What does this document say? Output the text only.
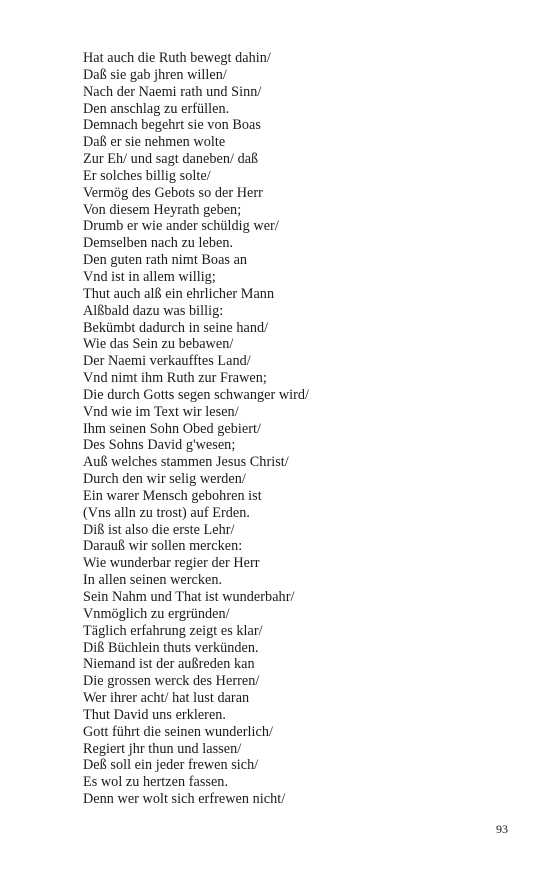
Hat auch die Ruth bewegt dahin/
Daß sie gab jhren willen/
Nach der Naemi rath und Sinn/
Den anschlag zu erfüllen.
Demnach begehrt sie von Boas
Daß er sie nehmen wolte
Zur Eh/ und sagt daneben/ daß
Er solches billig solte/
Vermög des Gebots so der Herr
Von diesem Heyrath geben;
Drumb er wie ander schüldig wer/
Demselben nach zu leben.
Den guten rath nimt Boas an
Vnd ist in allem willig;
Thut auch alß ein ehrlicher Mann
Alßbald dazu was billig:
Bekümbt dadurch in seine hand/
Wie das Sein zu bebawen/
Der Naemi verkaufftes Land/
Vnd nimt ihm Ruth zur Frawen;
Die durch Gotts segen schwanger wird/
Vnd wie im Text wir lesen/
Ihm seinen Sohn Obed gebiert/
Des Sohns David g'wesen;
Auß welches stammen Jesus Christ/
Durch den wir selig werden/
Ein warer Mensch gebohren ist
(Vns alln zu trost) auf Erden.
Diß ist also die erste Lehr/
Darauß wir sollen mercken:
Wie wunderbar regier der Herr
In allen seinen wercken.
Sein Nahm und That ist wunderbahr/
Vnmöglich zu ergründen/
Täglich erfahrung zeigt es klar/
Diß Büchlein thuts verkünden.
Niemand ist der außreden kan
Die grossen werck des Herren/
Wer ihrer acht/ hat lust daran
Thut David uns erkleren.
Gott führt die seinen wunderlich/
Regiert jhr thun und lassen/
Deß soll ein jeder frewen sich/
Es wol zu hertzen fassen.
Denn wer wolt sich erfrewen nicht/
93
